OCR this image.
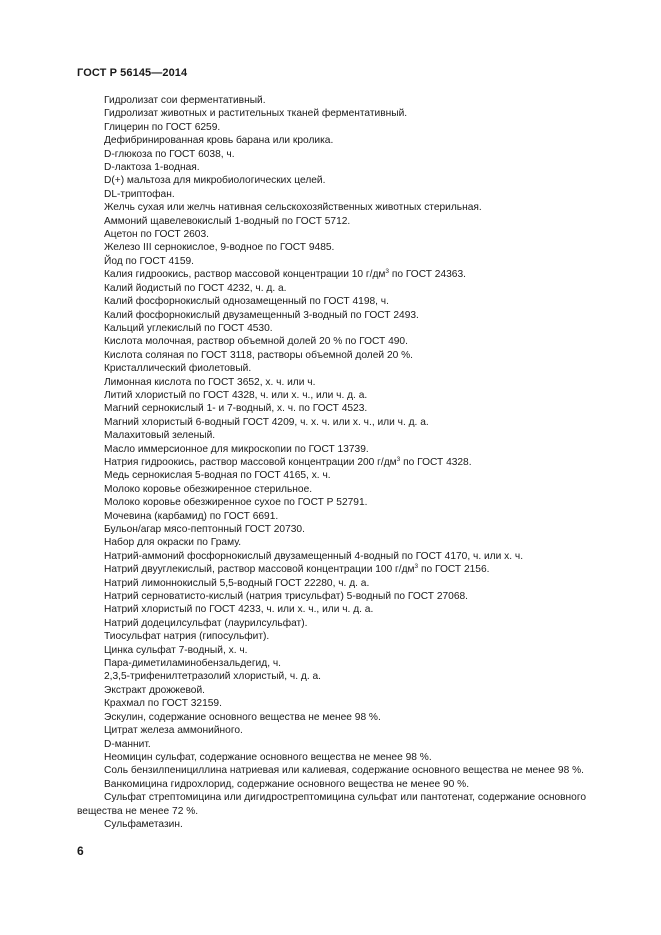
ГОСТ Р 56145—2014
Гидролизат сои ферментативный.
Гидролизат животных и растительных тканей ферментативный.
Глицерин по ГОСТ 6259.
Дефибринированная кровь барана или кролика.
D-глюкоза по ГОСТ 6038, ч.
D-лактоза 1-водная.
D(+) мальтоза для микробиологических целей.
DL-триптофан.
Желчь сухая или желчь нативная сельскохозяйственных животных стерильная.
Аммоний щавелевокислый 1-водный по ГОСТ 5712.
Ацетон по ГОСТ 2603.
Железо III сернокислое, 9-водное по ГОСТ 9485.
Йод по ГОСТ 4159.
Калия гидроокись, раствор массовой концентрации 10 $г/дм^3$ по ГОСТ 24363.
Калий йодистый по ГОСТ 4232, ч. д. а.
Калий фосфорнокислый однозамещенный по ГОСТ 4198, ч.
Калий фосфорнокислый двузамещенный 3-водный по ГОСТ 2493.
Кальций углекислый по ГОСТ 4530.
Кислота молочная, раствор объемной долей 20 % по ГОСТ 490.
Кислота соляная по ГОСТ 3118, растворы объемной долей 20 %.
Кристаллический фиолетовый.
Лимонная кислота по ГОСТ 3652, х. ч. или ч.
Литий хлористый по ГОСТ 4328, ч. или х. ч., или ч. д. а.
Магний сернокислый 1- и 7-водный, х. ч. по ГОСТ 4523.
Магний хлористый 6-водный ГОСТ 4209, ч. х. ч. или х. ч., или ч. д. а.
Малахитовый зеленый.
Масло иммерсионное для микроскопии по ГОСТ 13739.
Натрия гидроокись, раствор массовой концентрации 200 $г/дм^3$ по ГОСТ 4328.
Медь сернокислая 5-водная по ГОСТ 4165, х. ч.
Молоко коровье обезжиренное стерильное.
Молоко коровье обезжиренное сухое по ГОСТ Р 52791.
Мочевина (карбамид) по ГОСТ 6691.
Бульон/агар мясо-пептонный ГОСТ 20730.
Набор для окраски по Граму.
Натрий-аммоний фосфорнокислый двузамещенный 4-водный по ГОСТ 4170, ч. или х. ч.
Натрий двууглекислый, раствор массовой концентрации 100 $г/дм^3$ по ГОСТ 2156.
Натрий лимоннокислый 5,5-водный ГОСТ 22280, ч. д. а.
Натрий серноватисто-кислый (натрия трисульфат) 5-водный по ГОСТ 27068.
Натрий хлористый по ГОСТ 4233, ч. или х. ч., или ч. д. а.
Натрий додецилсульфат (лаурилсульфат).
Тиосульфат натрия (гипосульфит).
Цинка сульфат 7-водный, х. ч.
Пара-диметиламинобензальдегид, ч.
2,3,5-трифенилтетразолий хлористый, ч. д. а.
Экстракт дрожжевой.
Крахмал по ГОСТ 32159.
Эскулин, содержание основного вещества не менее 98 %.
Цитрат железа аммонийного.
D-маннит.
Неомицин сульфат, содержание основного вещества не менее 98 %.
Соль бензилпенициллина натриевая или калиевая, содержание основного вещества не менее 98 %.
Ванкомицина гидрохлорид, содержание основного вещества не менее 90 %.
Сульфат стрептомицина или дигидрострептомицина сульфат или пантотенат, содержание основного вещества не менее 72 %.
Сульфаметазин.
6
